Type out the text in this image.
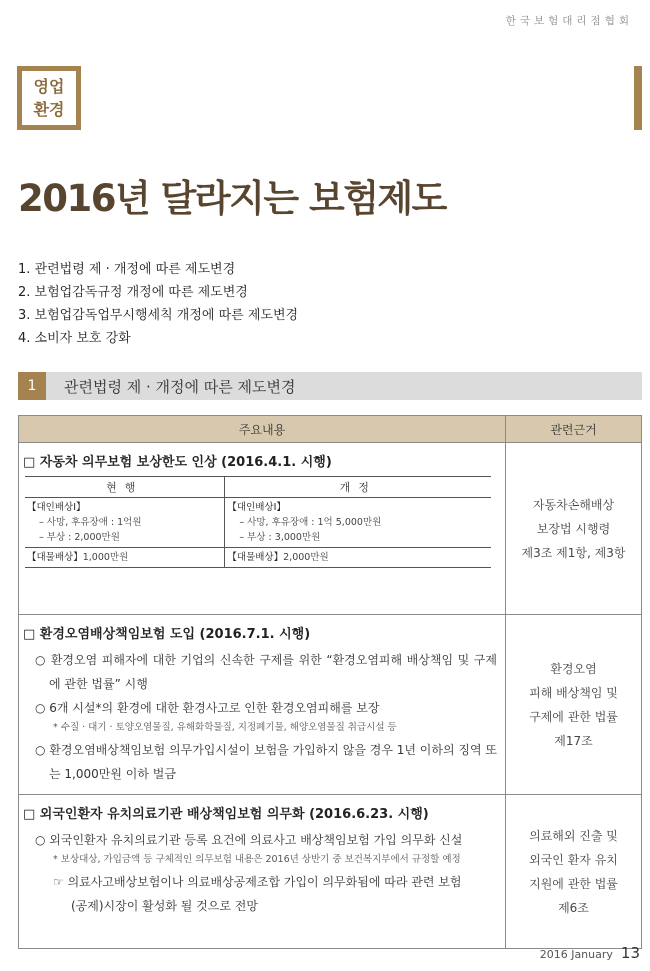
한국보험대리점협회
영업
환경
2016년 달라지는 보험제도
1. 관련법령 제 · 개정에 따른 제도변경
2. 보험업감독규정 개정에 따른 제도변경
3. 보험업감독업무시행세칙 개정에 따른 제도변경
4. 소비자 보호 강화
1	관련법령 제 · 개정에 따른 제도변경
주요내용	관련근거

□ 자동차 의무보험 보상한도 인상 (2016.4.1. 시행)
현행	개정

【대인배상Ⅰ】
– 사망, 후유장애 : 1억원
– 부상 : 2,000만원

【대인배상Ⅰ】
– 사망, 후유장애 : 1억 5,000만원
– 부상 : 3,000만원

【대물배상】1,000만원	【대물배상】2,000만원

자동차손해배상
보장법 시행령
제3조 제1항, 제3항

□ 환경오염배상책임보험 도입 (2016.7.1. 시행)
○ 환경오염 피해자에 대한 기업의 신속한 구제를 위한 “환경오염피해 배상책임 및 구제에 관한 법률” 시행
○ 6개 시설*의 환경에 대한 환경사고로 인한 환경오염피해를 보장
* 수질 · 대기 · 토양오염물질, 유해화학물질, 지정폐기물, 해양오염물질 취급시설 등
○ 환경오염배상책임보험 의무가입시설이 보험을 가입하지 않을 경우 1년 이하의 징역 또는 1,000만원 이하 벌금

환경오염
피해 배상책임 및
구제에 관한 법률
제17조

□ 외국인환자 유치의료기관 배상책임보험 의무화 (2016.6.23. 시행)
○ 외국인환자 유치의료기관 등록 요건에 의료사고 배상책임보험 가입 의무화 신설
* 보상대상, 가입금액 등 구체적인 의무보험 내용은 2016년 상반기 중 보건복지부에서 규정할 예정
☞ 의료사고배상보험이나 의료배상공제조합 가입이 의무화됨에 따라 관련 보험
(공제)시장이 활성화 될 것으로 전망

의료해외 진출 및
외국인 환자 유치
지원에 관한 법률
제6조
2016 January 13
